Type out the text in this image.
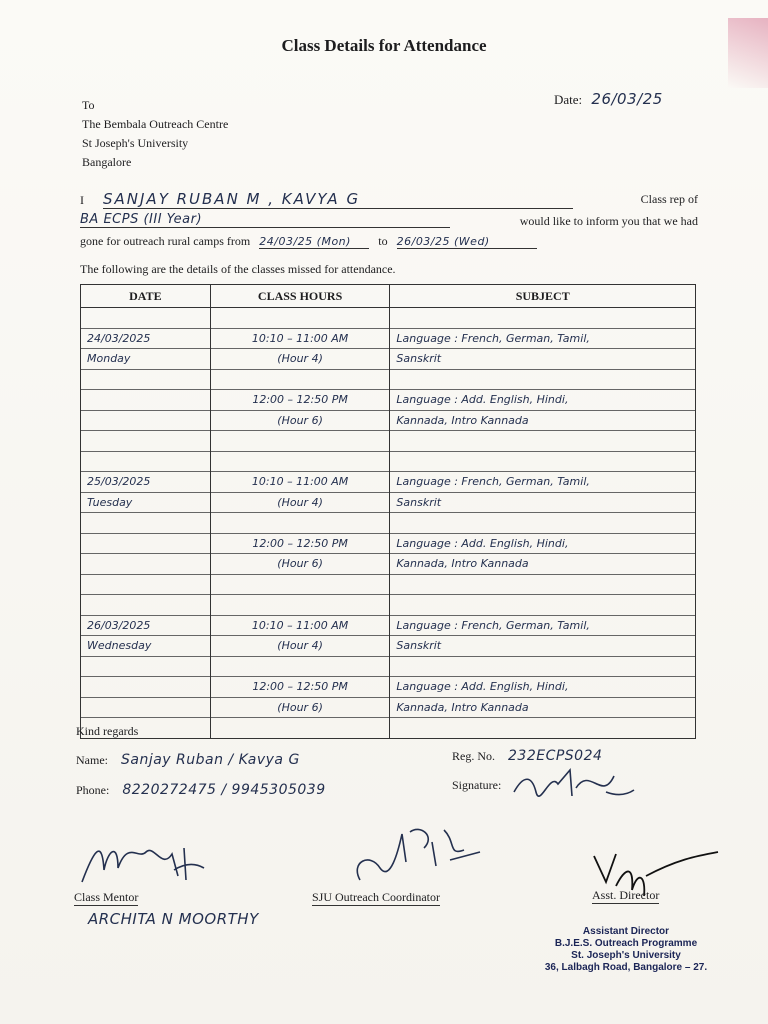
Class Details for Attendance
To
The Bembala Outreach Centre
St Joseph's University
Bangalore
Date: 26/03/25
I SANJAY RUBAN M , KAVYA G	Class rep of
BA ECPS (III Year)	would like to inform you that we had
gone for outreach rural camps from 24/03/25 (Mon) to 26/03/25 (Wed)
The following are the details of the classes missed for attendance.
DATE	CLASS HOURS	SUBJECT

24/03/2025	10:10 – 11:00 AM	Language : French, German, Tamil,
Monday	(Hour 4)	Sanskrit

	12:00 – 12:50 PM	Language : Add. English, Hindi,
	(Hour 6)	Kannada, Intro Kannada

25/03/2025	10:10 – 11:00 AM	Language : French, German, Tamil,
Tuesday	(Hour 4)	Sanskrit

	12:00 – 12:50 PM	Language : Add. English, Hindi,
	(Hour 6)	Kannada, Intro Kannada

26/03/2025	10:10 – 11:00 AM	Language : French, German, Tamil,
Wednesday	(Hour 4)	Sanskrit

	12:00 – 12:50 PM	Language : Add. English, Hindi,
	(Hour 6)	Kannada, Intro Kannada

Kind regards
Name: Sanjay Ruban / Kavya G
Phone: 8220272475 / 9945305039
Reg. No. 232ECPS024
Signature:
Class Mentor
ARCHITA N MOORTHY
SJU Outreach Coordinator	Asst. Director
Assistant Director
B.J.E.S. Outreach Programme
St. Joseph's University
36, Lalbagh Road, Bangalore – 27.
